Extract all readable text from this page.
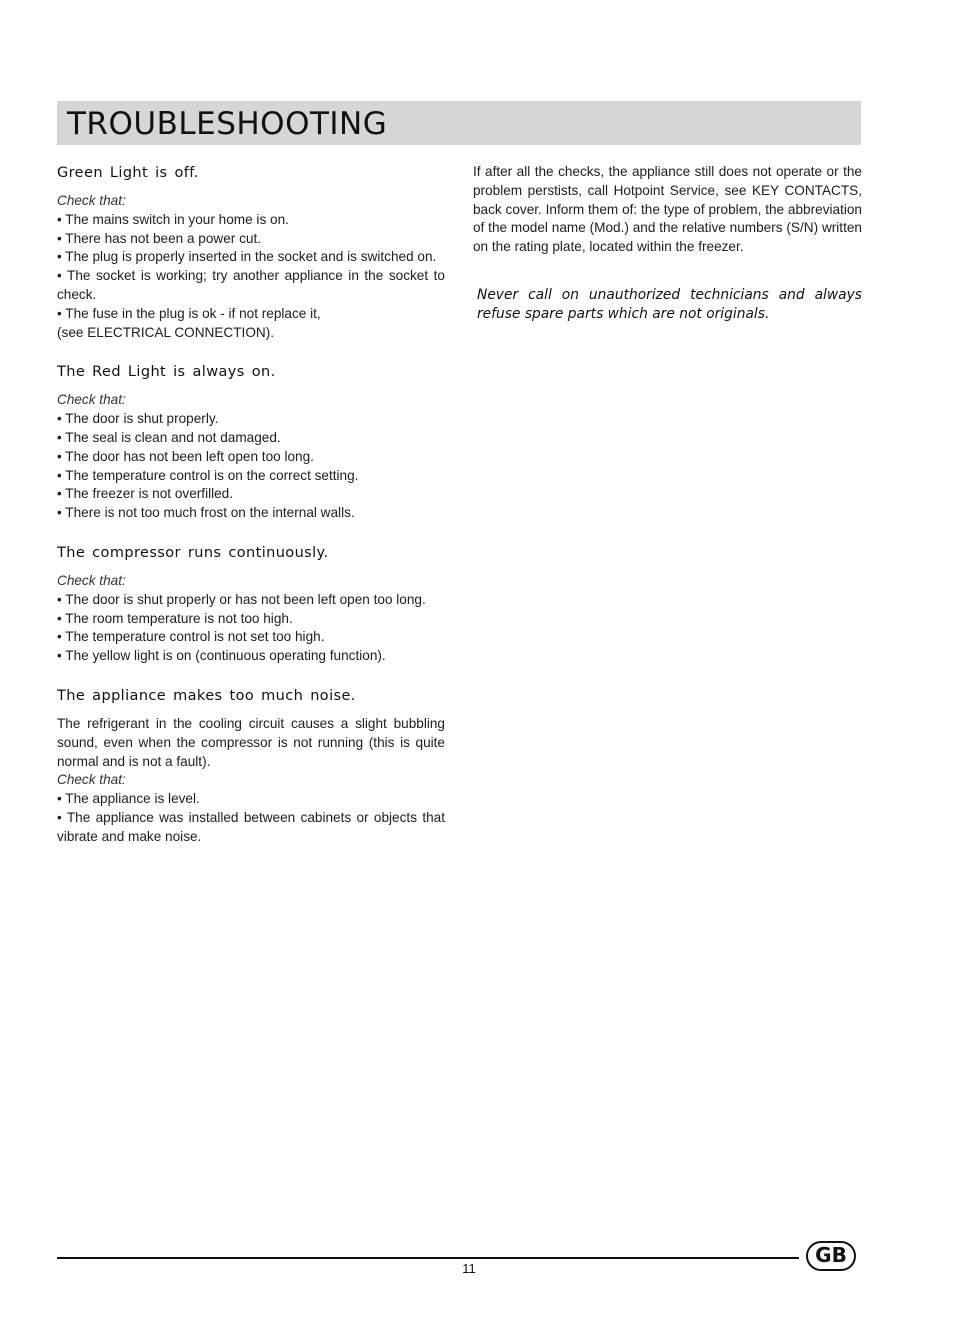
TROUBLESHOOTING
Green Light is off.
Check that:
• The mains switch in your home is on.
• There has not been a power cut.
• The plug is properly inserted in the socket and is switched on.
• The socket is working; try another appliance in the socket to check.
• The fuse in the plug is ok - if not replace it,
(see ELECTRICAL CONNECTION).
The Red Light is always on.
Check that:
• The door is shut properly.
• The seal is clean and not damaged.
• The door has not been left open too long.
• The temperature control is on the correct setting.
• The freezer is not overfilled.
• There is not too much frost on the internal walls.
The compressor runs continuously.
Check that:
• The door is shut properly or has not been left open too long.
• The room temperature is not too high.
• The temperature control is not set too high.
• The yellow light is on (continuous operating function).
The appliance makes too much noise.
The refrigerant in the cooling circuit causes a slight bubbling sound, even when the compressor is not running (this is quite normal and is not a fault).
Check that:
• The appliance is level.
• The appliance was installed between cabinets or objects that vibrate and make noise.
If after all the checks, the appliance still does not operate or the problem perstists, call Hotpoint Service, see KEY CONTACTS, back cover. Inform them of: the type of problem, the abbreviation of the model name (Mod.) and the relative numbers (S/N) written on the rating plate, located within the freezer.
Never call on unauthorized technicians and always refuse spare parts which are not originals.
11
GB
